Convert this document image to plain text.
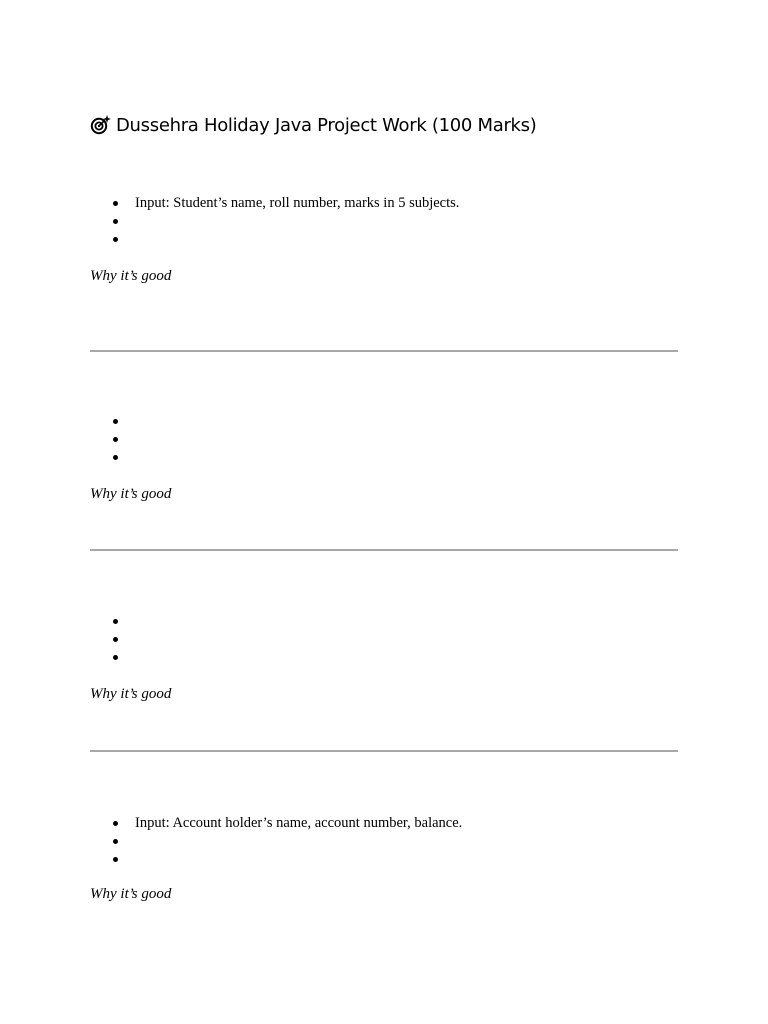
Dussehra Holiday Java Project Work (100 Marks)
Input: Student’s name, roll number, marks in 5 subjects.
Why it’s good
Why it’s good
Why it’s good
Input: Account holder’s name, account number, balance.
Why it’s good
